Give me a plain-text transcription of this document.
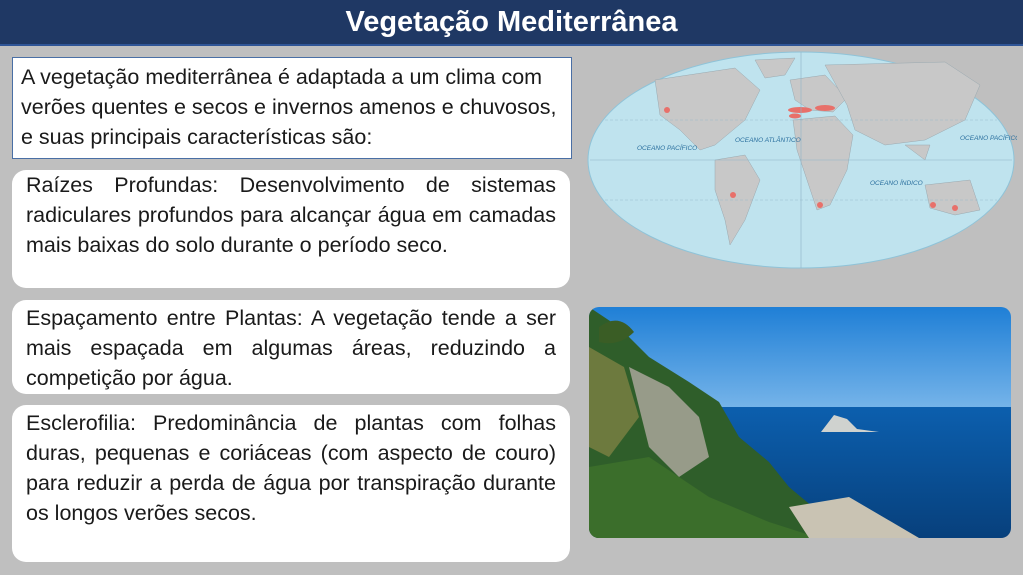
Vegetação Mediterrânea
A vegetação mediterrânea é adaptada a um clima com verões quentes e secos e invernos amenos e chuvosos, e suas principais características são:

Raízes Profundas: Desenvolvimento de sistemas radiculares profundos para alcançar água em camadas mais baixas do solo durante o período seco.

Espaçamento entre Plantas: A vegetação tende a ser mais espaçada em algumas áreas, reduzindo a competição por água.

Esclerofilia: Predominância de plantas com folhas duras, pequenas e coriáceas (com aspecto de couro) para reduzir a perda de água por transpiração durante os longos verões secos.

OCEANO PACÍFICO
OCEANO ATLÂNTICO
OCEANO ÍNDICO
OCEANO PACÍFICO
